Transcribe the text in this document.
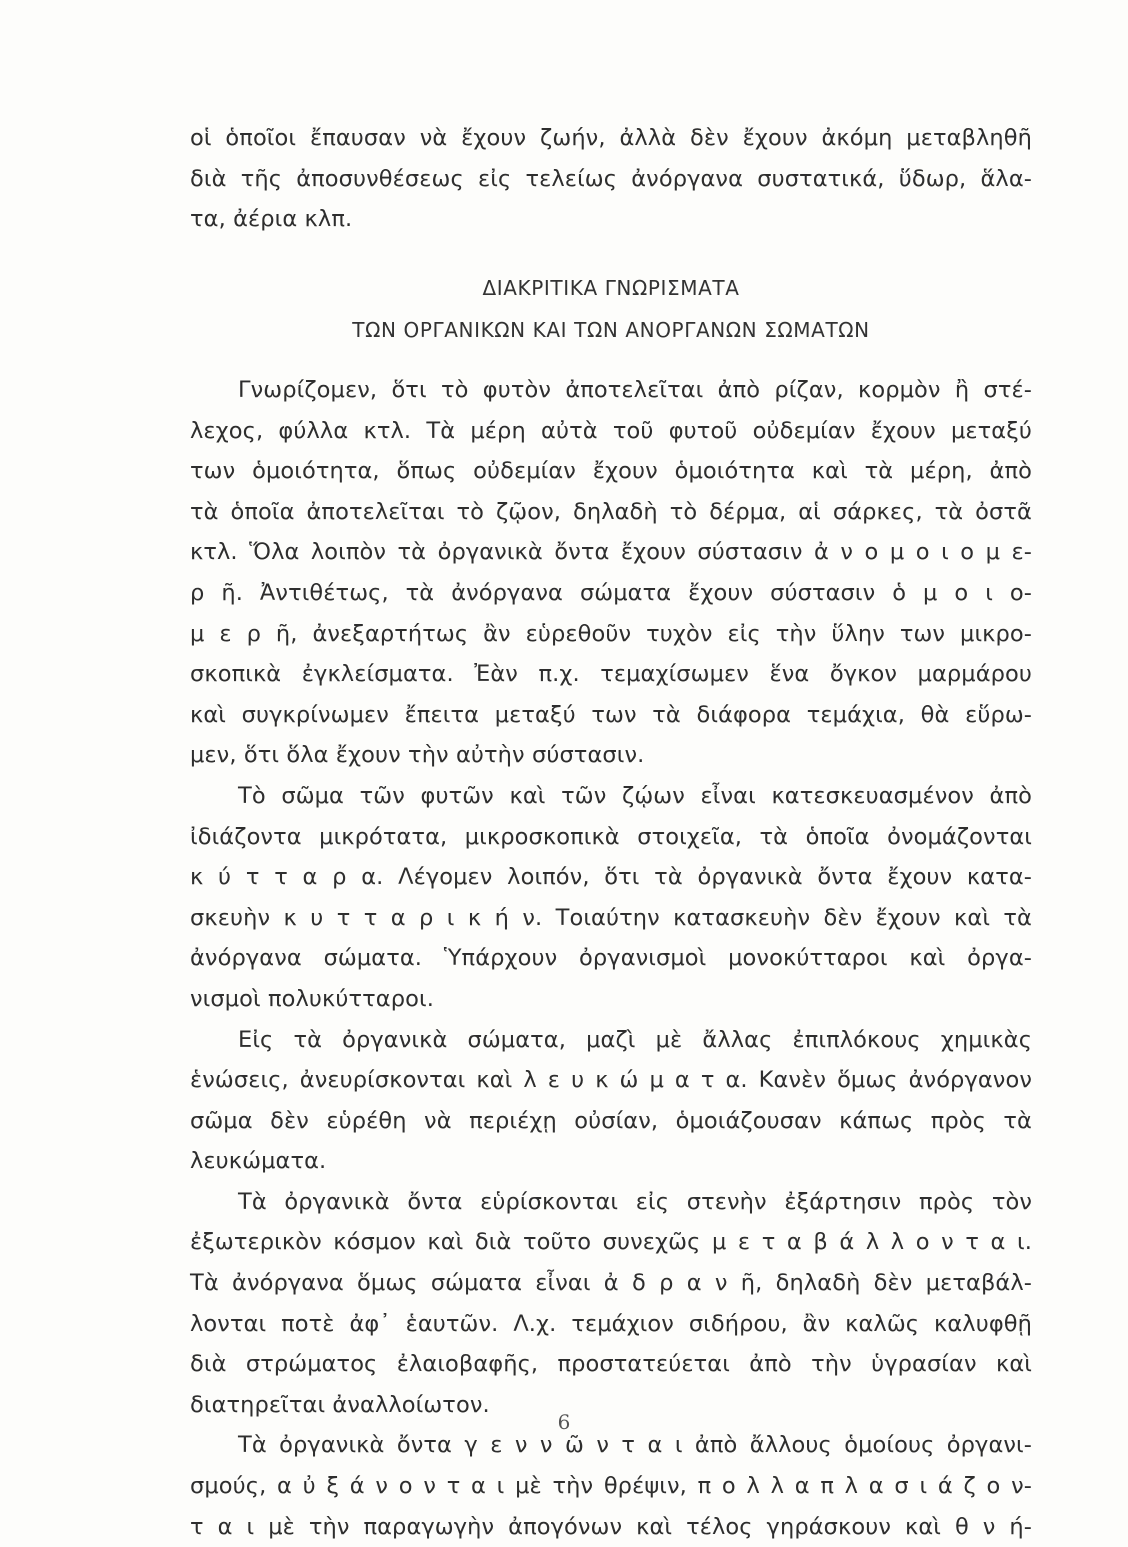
οἱ ὁποῖοι ἔπαυσαν νὰ ἔχουν ζωήν, ἀλλὰ δὲν ἔχουν ἀκόμη μεταβληθῆ
διὰ τῆς ἀποσυνθέσεως εἰς τελείως ἀνόργανα συστατικά, ὕδωρ, ἅλα-
τα, ἀέρια κλπ.
ΔΙΑΚΡΙΤΙΚΑ ΓΝΩΡΙΣΜΑΤΑ
ΤΩΝ ΟΡΓΑΝΙΚΩΝ ΚΑΙ ΤΩΝ ΑΝΟΡΓΑΝΩΝ ΣΩΜΑΤΩΝ
Γνωρίζομεν, ὅτι τὸ φυτὸν ἀποτελεῖται ἀπὸ ρίζαν, κορμὸν ἢ στέ-
λεχος, φύλλα κτλ. Τὰ μέρη αὐτὰ τοῦ φυτοῦ οὐδεμίαν ἔχουν μεταξύ
των ὁμοιότητα, ὅπως οὐδεμίαν ἔχουν ὁμοιότητα καὶ τὰ μέρη, ἀπὸ
τὰ ὁποῖα ἀποτελεῖται τὸ ζῷον, δηλαδὴ τὸ δέρμα, αἱ σάρκες, τὰ ὀστᾶ
κτλ. Ὅλα λοιπὸν τὰ ὀργανικὰ ὄντα ἔχουν σύστασιν ἀ ν ο μ ο ι ο μ ε-
ρ ῆ. Ἀντιθέτως, τὰ ἀνόργανα σώματα ἔχουν σύστασιν ὁ μ ο ι ο-
μ ε ρ ῆ, ἀνεξαρτήτως ἂν εὑρεθοῦν τυχὸν εἰς τὴν ὕλην των μικρο-
σκοπικὰ ἐγκλείσματα. Ἐὰν π.χ. τεμαχίσωμεν ἕνα ὄγκον μαρμάρου
καὶ συγκρίνωμεν ἔπειτα μεταξύ των τὰ διάφορα τεμάχια, θὰ εὕρω-
μεν, ὅτι ὅλα ἔχουν τὴν αὐτὴν σύστασιν.
Τὸ σῶμα τῶν φυτῶν καὶ τῶν ζῴων εἶναι κατεσκευασμένον ἀπὸ
ἰδιάζοντα μικρότατα, μικροσκοπικὰ στοιχεῖα, τὰ ὁποῖα ὀνομάζονται
κ ύ τ τ α ρ α. Λέγομεν λοιπόν, ὅτι τὰ ὀργανικὰ ὄντα ἔχουν κατα-
σκευὴν κ υ τ τ α ρ ι κ ή ν. Τοιαύτην κατασκευὴν δὲν ἔχουν καὶ τὰ
ἀνόργανα σώματα. Ὑπάρχουν ὀργανισμοὶ μονοκύτταροι καὶ ὀργα-
νισμοὶ πολυκύτταροι.
Εἰς τὰ ὀργανικὰ σώματα, μαζὶ μὲ ἄλλας ἐπιπλόκους χημικὰς
ἑνώσεις, ἀνευρίσκονται καὶ λ ε υ κ ώ μ α τ α. Κανὲν ὅμως ἀνόργανον
σῶμα δὲν εὑρέθη νὰ περιέχῃ οὐσίαν, ὁμοιάζουσαν κάπως πρὸς τὰ
λευκώματα.
Τὰ ὀργανικὰ ὄντα εὑρίσκονται εἰς στενὴν ἐξάρτησιν πρὸς τὸν
ἐξωτερικὸν κόσμον καὶ διὰ τοῦτο συνεχῶς μ ε τ α β ά λ λ ο ν τ α ι.
Τὰ ἀνόργανα ὅμως σώματα εἶναι ἀ δ ρ α ν ῆ, δηλαδὴ δὲν μεταβάλ-
λονται ποτὲ ἀφ᾽ ἑαυτῶν. Λ.χ. τεμάχιον σιδήρου, ἂν καλῶς καλυφθῇ
διὰ στρώματος ἐλαιοβαφῆς, προστατεύεται ἀπὸ τὴν ὑγρασίαν καὶ
διατηρεῖται ἀναλλοίωτον.
Τὰ ὀργανικὰ ὄντα γ ε ν ν ῶ ν τ α ι ἀπὸ ἄλλους ὁμοίους ὀργανι-
σμούς, α ὐ ξ ά ν ο ν τ α ι μὲ τὴν θρέψιν, π ο λ λ α π λ α σ ι ά ζ ο ν-
τ α ι μὲ τὴν παραγωγὴν ἀπογόνων καὶ τέλος γηράσκουν καὶ θ ν ή-
6
